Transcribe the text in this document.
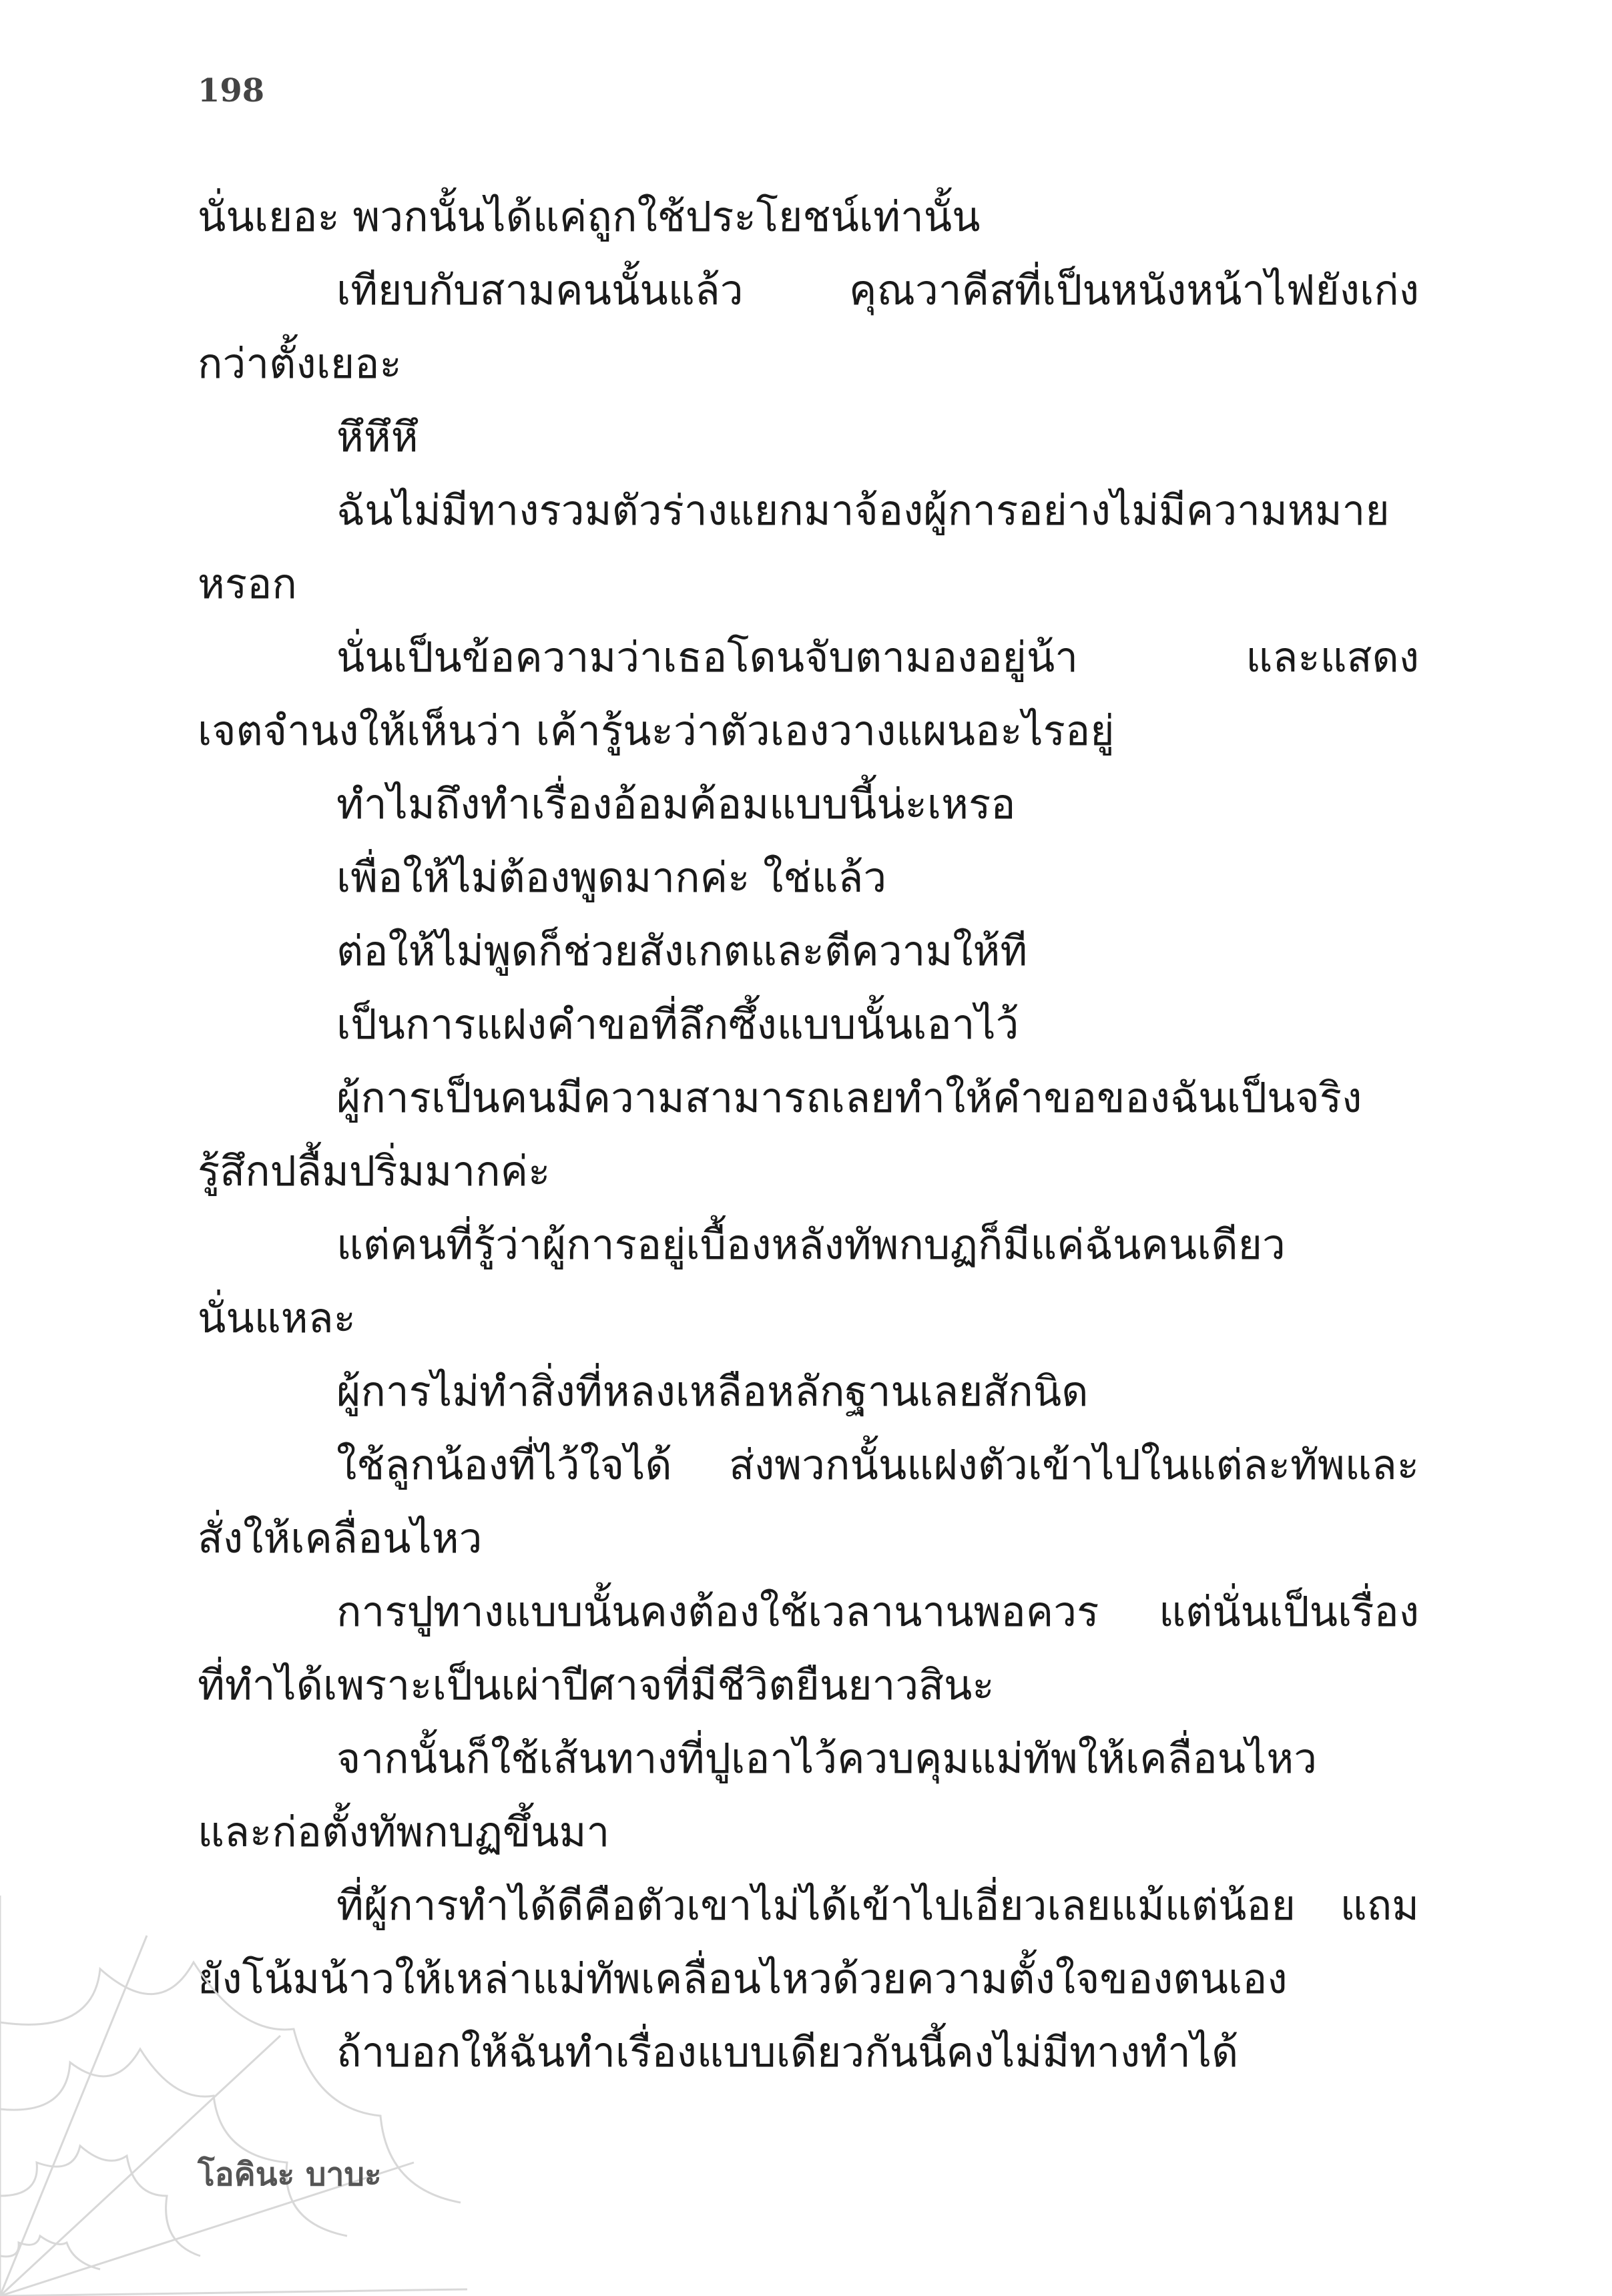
198
นั่นเยอะ พวกนั้นได้แค่ถูกใช้ประโยชน์เท่านั้น
เทียบกับสามคนนั้นแล้ว	คุณวาคีสที่เป็นหนังหน้าไฟยังเก่ง
กว่าตั้งเยอะ
หึหึหึ
ฉันไม่มีทางรวมตัวร่างแยกมาจ้องผู้การอย่างไม่มีความหมาย
หรอก
นั่นเป็นข้อความว่าเธอโดนจับตามองอยู่น้า	และแสดง
เจตจำนงให้เห็นว่า เค้ารู้นะว่าตัวเองวางแผนอะไรอยู่
ทำไมถึงทำเรื่องอ้อมค้อมแบบนี้น่ะเหรอ
เพื่อให้ไม่ต้องพูดมากค่ะ ใช่แล้ว
ต่อให้ไม่พูดก็ช่วยสังเกตและตีความให้ที
เป็นการแฝงคำขอที่ลึกซึ้งแบบนั้นเอาไว้
ผู้การเป็นคนมีความสามารถเลยทำให้คำขอของฉันเป็นจริง
รู้สึกปลื้มปริ่มมากค่ะ
แต่คนที่รู้ว่าผู้การอยู่เบื้องหลังทัพกบฏก็มีแค่ฉันคนเดียว
นั่นแหละ
ผู้การไม่ทำสิ่งที่หลงเหลือหลักฐานเลยสักนิด
ใช้ลูกน้องที่ไว้ใจได้ ส่งพวกนั้นแฝงตัวเข้าไปในแต่ละทัพและ
สั่งให้เคลื่อนไหว
การปูทางแบบนั้นคงต้องใช้เวลานานพอควร แต่นั่นเป็นเรื่อง
ที่ทำได้เพราะเป็นเผ่าปีศาจที่มีชีวิตยืนยาวสินะ
จากนั้นก็ใช้เส้นทางที่ปูเอาไว้ควบคุมแม่ทัพให้เคลื่อนไหว
และก่อตั้งทัพกบฏขึ้นมา
ที่ผู้การทำได้ดีคือตัวเขาไม่ได้เข้าไปเอี่ยวเลยแม้แต่น้อย แถม
ยังโน้มน้าวให้เหล่าแม่ทัพเคลื่อนไหวด้วยความตั้งใจของตนเอง
ถ้าบอกให้ฉันทำเรื่องแบบเดียวกันนี้คงไม่มีทางทำได้
โอคินะ บาบะ
